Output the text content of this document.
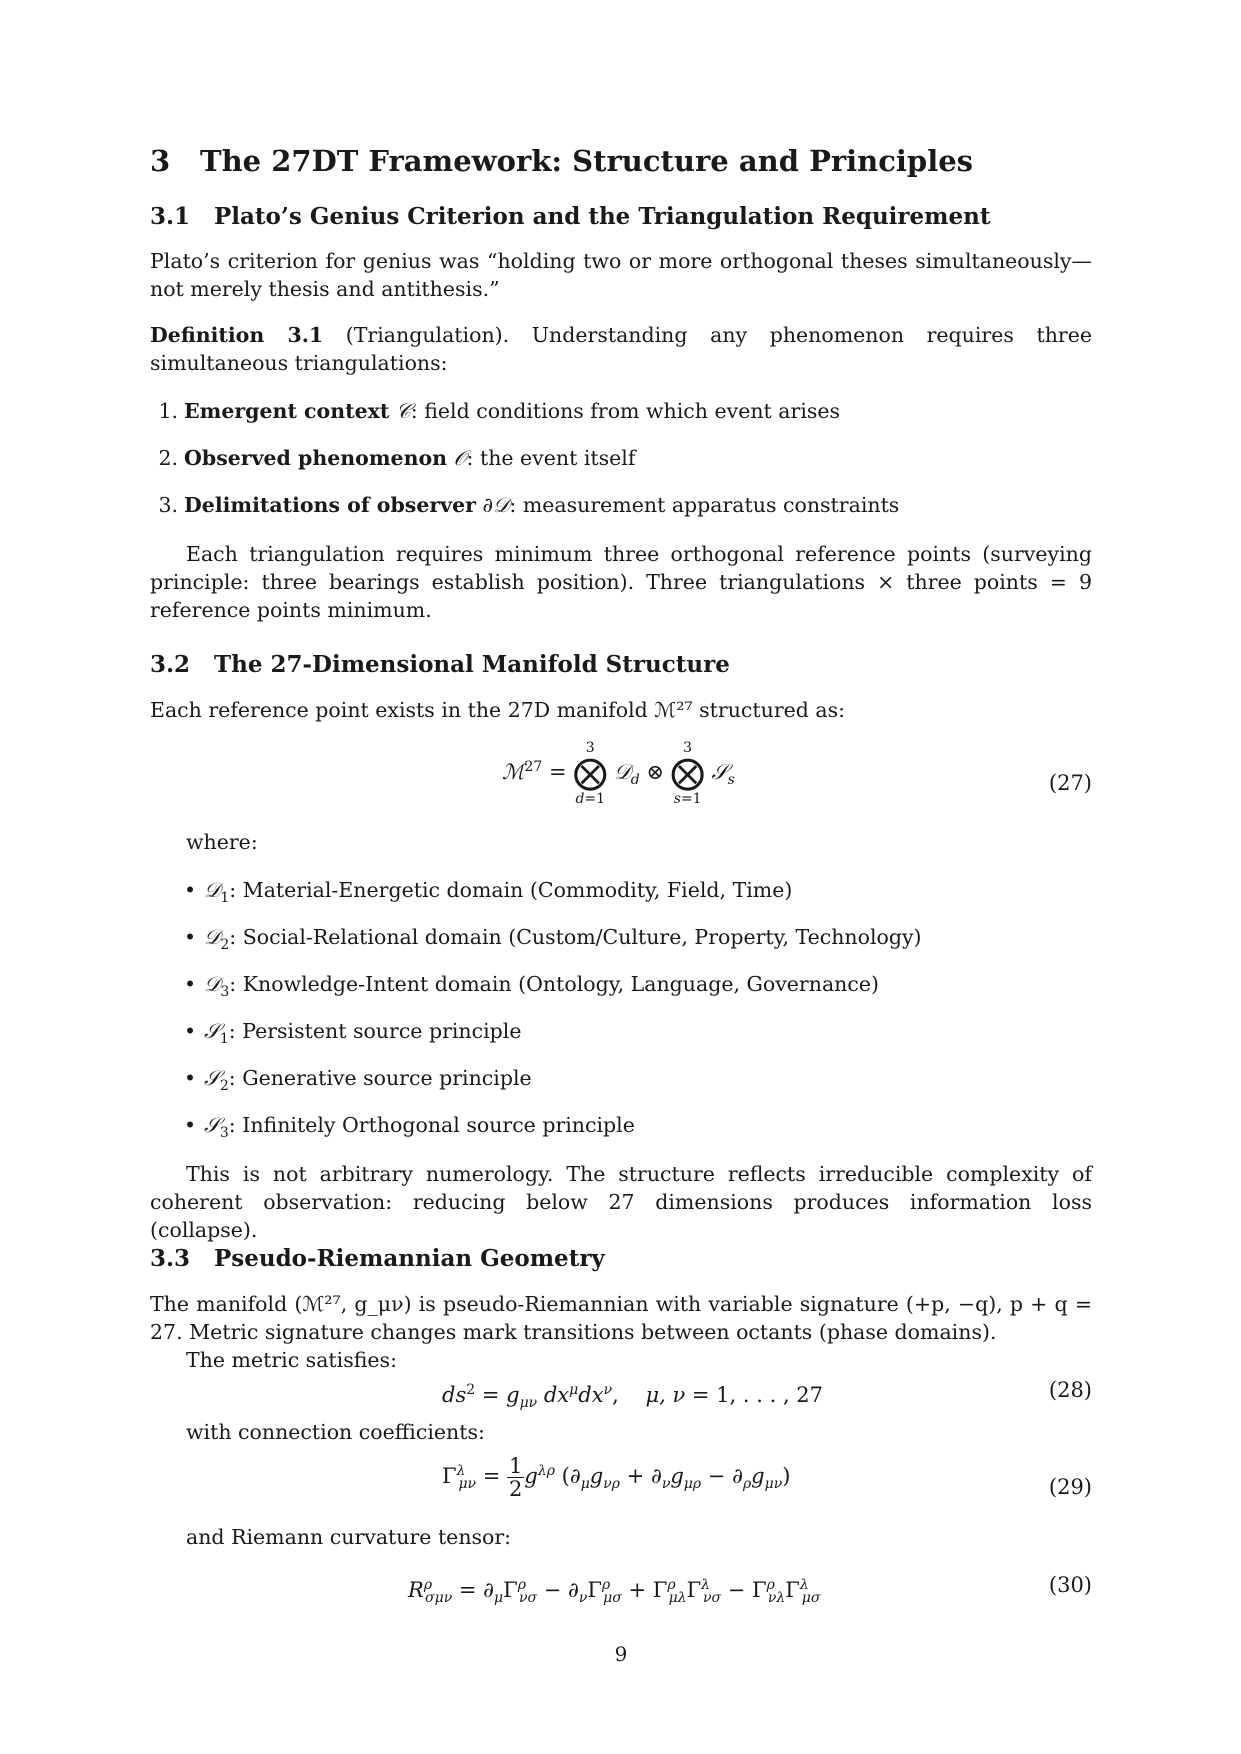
3 The 27DT Framework: Structure and Principles
3.1 Plato’s Genius Criterion and the Triangulation Requirement

Plato’s criterion for genius was “holding two or more orthogonal theses simultaneously—not merely thesis and antithesis.”

Definition 3.1 (Triangulation). Understanding any phenomenon requires three simultaneous triangulations:

1. Emergent context 𝒞: field conditions from which event arises
2. Observed phenomenon 𝒪: the event itself
3. Delimitations of observer ∂𝒟: measurement apparatus constraints

Each triangulation requires minimum three orthogonal reference points (surveying principle: three bearings establish position). Three triangulations × three points = 9 reference points minimum.

3.2 The 27-Dimensional Manifold Structure

Each reference point exists in the 27D manifold ℳ²⁷ structured as:

ℳ$^{27}$ =
3
⨂
d=1
𝒟$_d$ ⊗
3
⨂
s=1
𝒮$_s$	(27)
where:
• 𝒟$_1$: Material-Energetic domain (Commodity, Field, Time)
• 𝒟$_2$: Social-Relational domain (Custom/Culture, Property, Technology)
• 𝒟$_3$: Knowledge-Intent domain (Ontology, Language, Governance)
• 𝒮$_1$: Persistent source principle
• 𝒮$_2$: Generative source principle
• 𝒮$_3$: Infinitely Orthogonal source principle

This is not arbitrary numerology. The structure reflects irreducible complexity of coherent observation: reducing below 27 dimensions produces information loss (collapse).

3.3 Pseudo-Riemannian Geometry

The manifold (ℳ²⁷, g_μν) is pseudo-Riemannian with variable signature (+p, −q), p + q = 27. Metric signature changes mark transitions between octants (phase domains).

The metric satisfies:
$ds^2 = g_{\mu\nu}$ $dx^\mu dx^\nu$,    μ, ν = 1, . . . , 27	(28)
with connection coefficients:
$\Gamma^\lambda_{\mu\nu} = \frac{1}{2} g^{\lambda\rho}$ $(\partial_\mu g_{\nu\rho} + \partial_\nu g_{\mu\rho} - \partial_\rho g_{\mu\nu})$	(29)
and Riemann curvature tensor:
$R^\rho_{\sigma\mu\nu} = \partial_\mu\Gamma^\rho_{\nu\sigma} - \partial_\nu\Gamma^\rho_{\mu\sigma} + \Gamma^\rho_{\mu\lambda}\Gamma^\lambda_{\nu\sigma} - \Gamma^\rho_{\nu\lambda}\Gamma^\lambda_{\mu\sigma}$
(30)
9
